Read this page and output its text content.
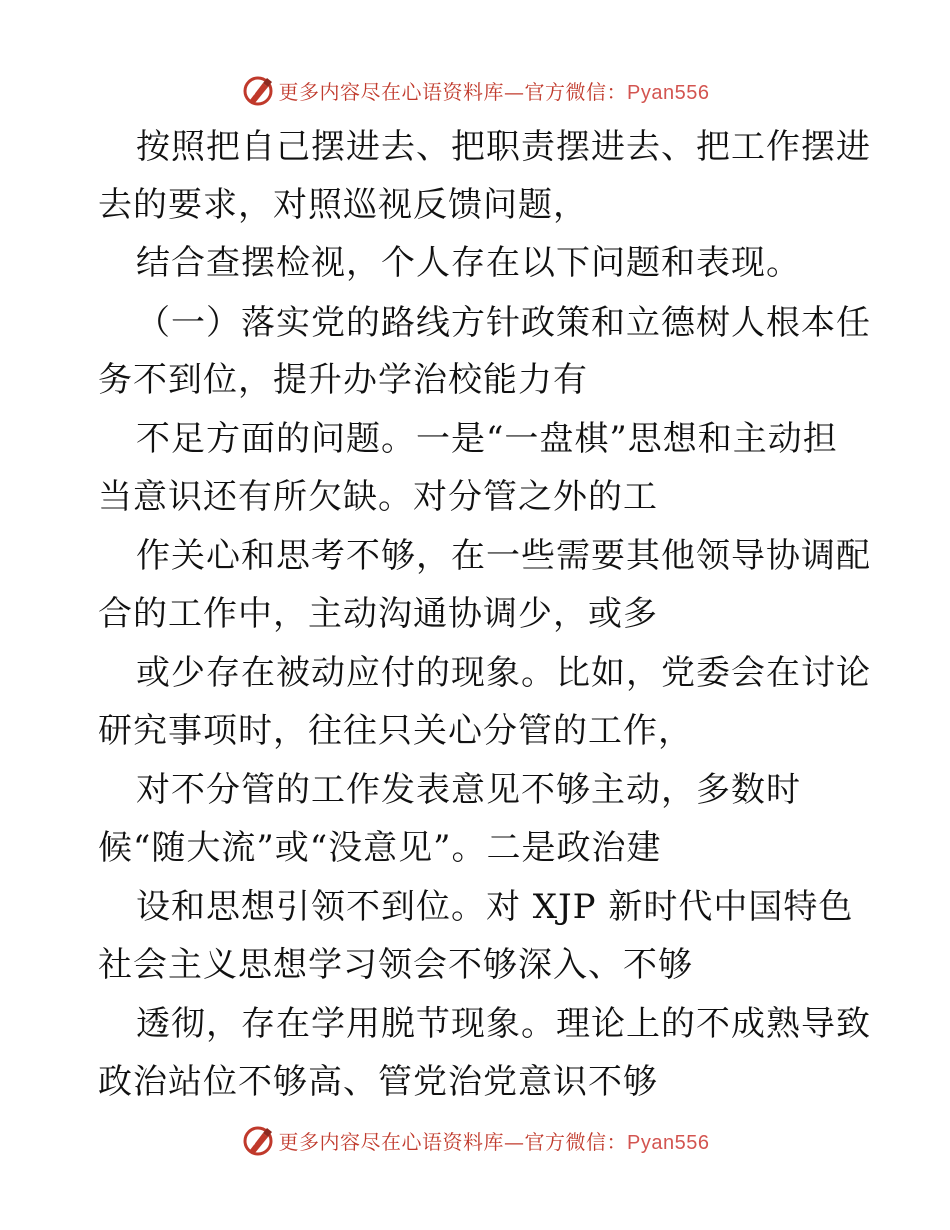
更多内容尽在心语资料库—官方微信：Pyan556
按照把自己摆进去、把职责摆进去、把工作摆进
去的要求，对照巡视反馈问题，
结合查摆检视，个人存在以下问题和表现。
（一）落实党的路线方针政策和立德树人根本任
务不到位，提升办学治校能力有
不足方面的问题。一是“一盘棋”思想和主动担
当意识还有所欠缺。对分管之外的工
作关心和思考不够，在一些需要其他领导协调配
合的工作中，主动沟通协调少，或多
或少存在被动应付的现象。比如，党委会在讨论
研究事项时，往往只关心分管的工作，
对不分管的工作发表意见不够主动，多数时
候“随大流”或“没意见”。二是政治建
设和思想引领不到位。对 XJP 新时代中国特色
社会主义思想学习领会不够深入、不够
透彻，存在学用脱节现象。理论上的不成熟导致
政治站位不够高、管党治党意识不够
更多内容尽在心语资料库—官方微信：Pyan556
